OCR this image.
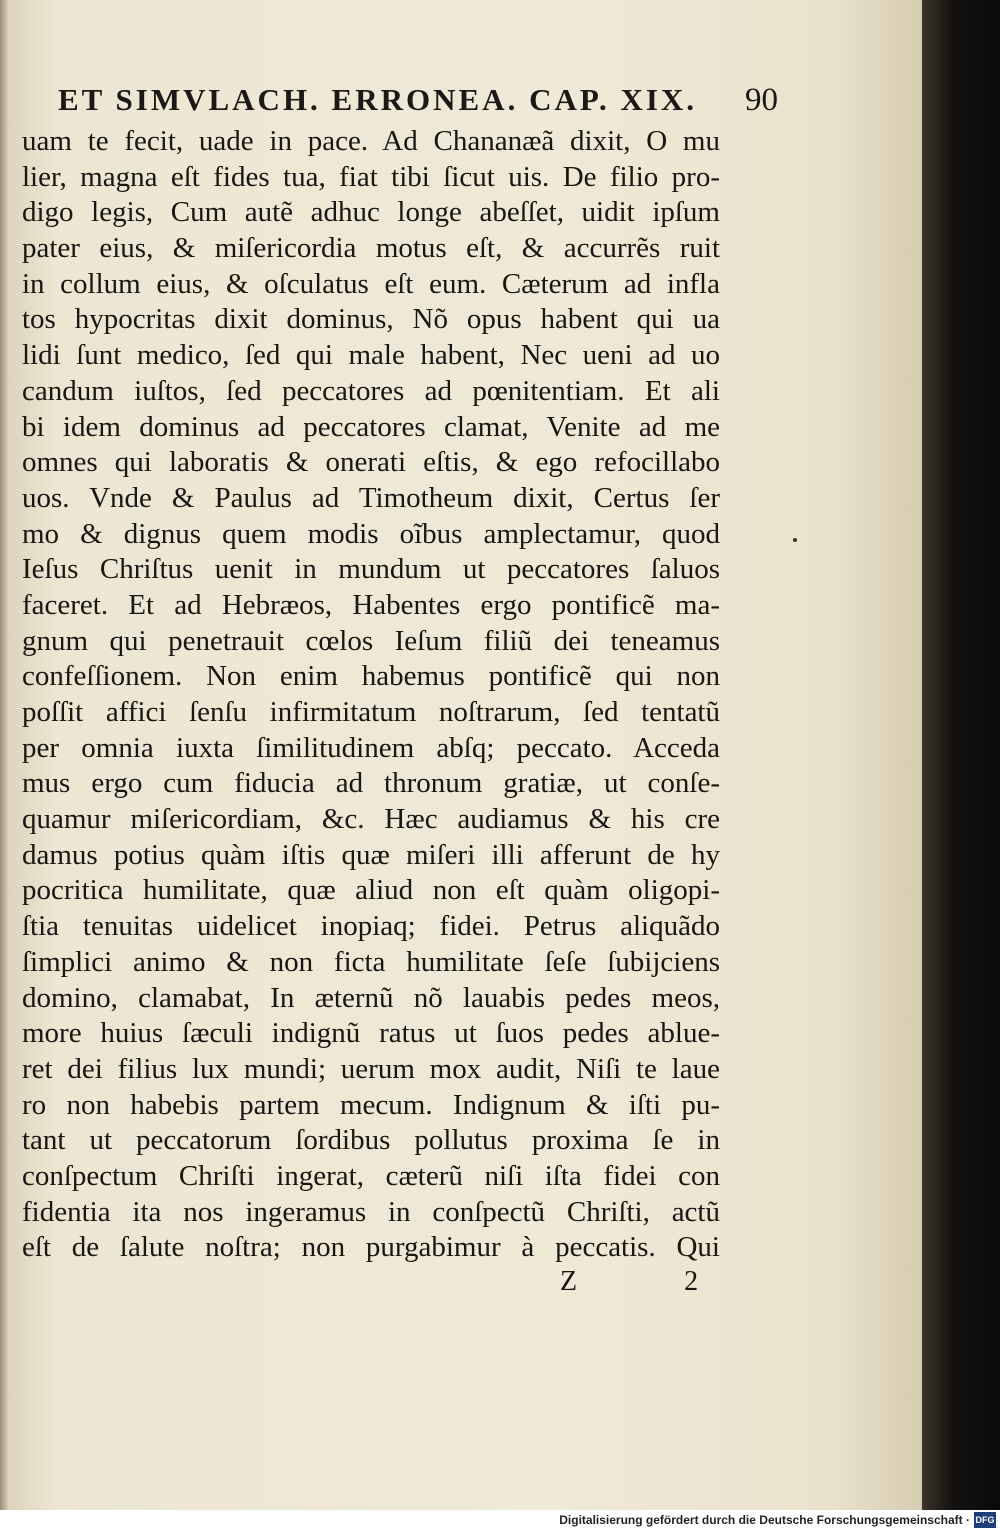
ET SIMVLACH. ERRONEA. CAP. XIX. 90
uam te fecit, uade in pace. Ad Chananæã dixit, O mu
lier, magna eſt fides tua, fiat tibi ſicut uis. De filio pro-
digo legis, Cum autẽ adhuc longe abeſſet, uidit ipſum
pater eius, & miſericordia motus eſt, & accurrẽs ruit
in collum eius, & oſculatus eſt eum. Cæterum ad infla
tos hypocritas dixit dominus, Nõ opus habent qui ua
lidi ſunt medico, ſed qui male habent, Nec ueni ad uo
candum iuſtos, ſed peccatores ad pœnitentiam. Et ali
bi idem dominus ad peccatores clamat, Venite ad me
omnes qui laboratis & onerati eſtis, & ego refocillabo
uos. Vnde & Paulus ad Timotheum dixit, Certus ſer
mo & dignus quem modis oĩbus amplectamur, quod
Ieſus Chriſtus uenit in mundum ut peccatores ſaluos
faceret. Et ad Hebræos, Habentes ergo pontificẽ ma-
gnum qui penetrauit cœlos Ieſum filiũ dei teneamus
confeſſionem. Non enim habemus pontificẽ qui non
poſſit affici ſenſu infirmitatum noſtrarum, ſed tentatũ
per omnia iuxta ſimilitudinem abſq; peccato. Acceda
mus ergo cum fiducia ad thronum gratiæ, ut conſe-
quamur miſericordiam, &c. Hæc audiamus & his cre
damus potius quàm iſtis quæ miſeri illi afferunt de hy
pocritica humilitate, quæ aliud non eſt quàm oligopi-
ſtia tenuitas uidelicet inopiaq; fidei. Petrus aliquãdo
ſimplici animo & non ficta humilitate ſeſe ſubijciens
domino, clamabat, In æternũ nõ lauabis pedes meos,
more huius ſæculi indignũ ratus ut ſuos pedes ablue-
ret dei filius lux mundi; uerum mox audit, Niſi te laue
ro non habebis partem mecum. Indignum & iſti pu-
tant ut peccatorum ſordibus pollutus proxima ſe in
conſpectum Chriſti ingerat, cæterũ niſi iſta fidei con
fidentia ita nos ingeramus in conſpectũ Chriſti, actũ
eſt de ſalute noſtra; non purgabimur à peccatis. Qui
Z 2
Digitalisierung gefördert durch die Deutsche Forschungsgemeinschaft · DFG
